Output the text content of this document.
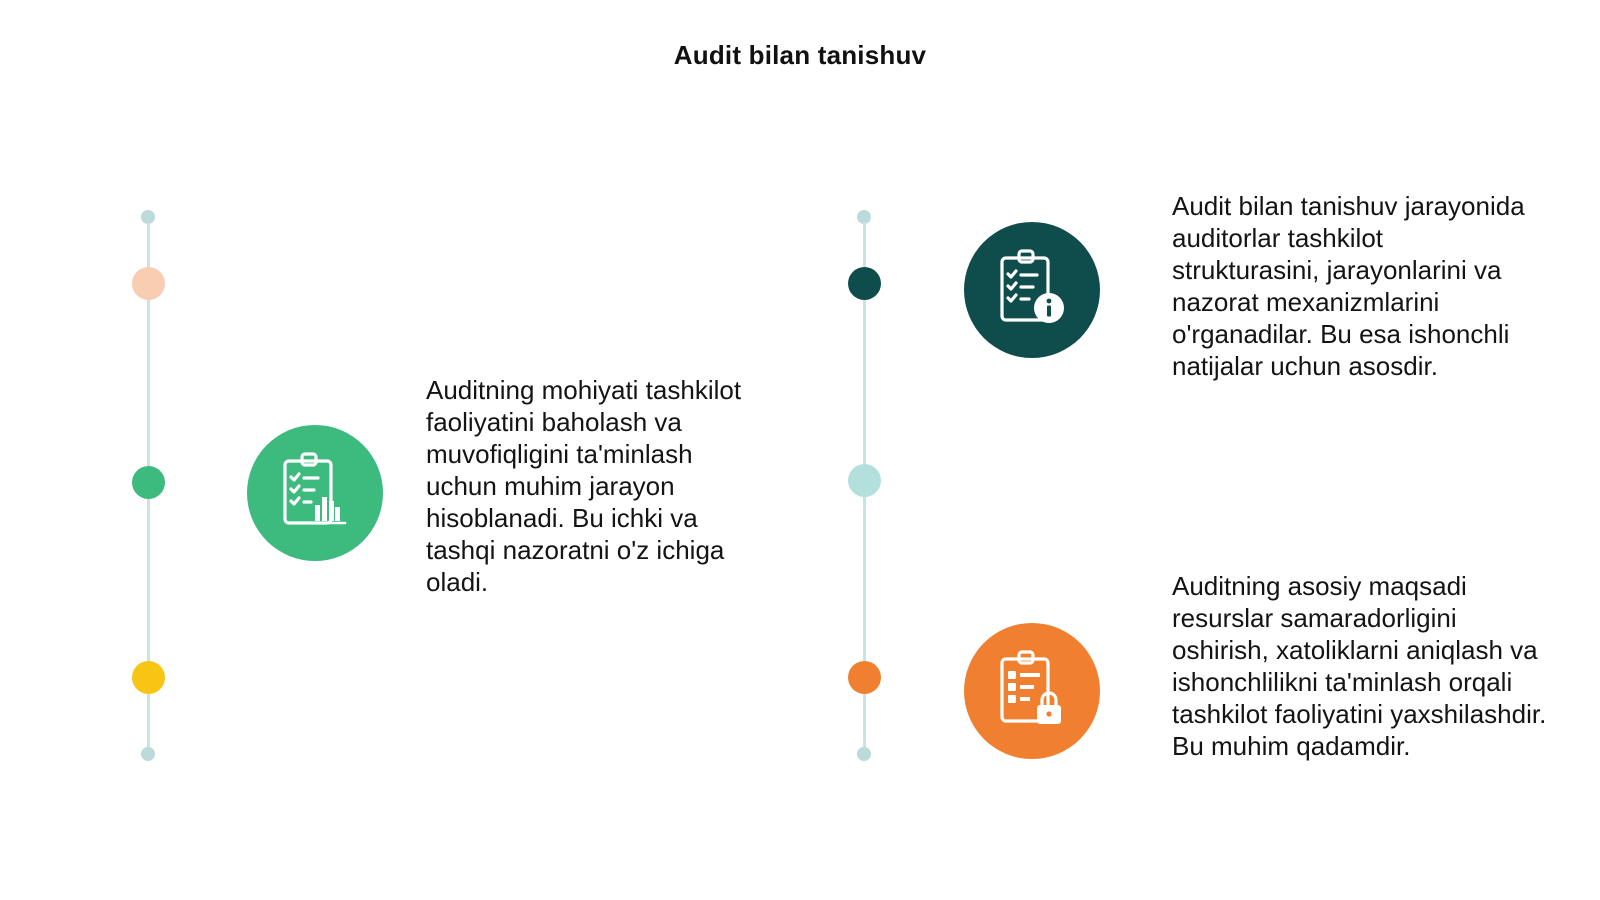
Audit bilan tanishuv
Auditning mohiyati tashkilot faoliyatini baholash va muvofiqligini ta'minlash uchun muhim jarayon hisoblanadi. Bu ichki va tashqi nazoratni o'z ichiga oladi.
Audit bilan tanishuv jarayonida auditorlar tashkilot strukturasini, jarayonlarini va nazorat mexanizmlarini o'rganadilar. Bu esa ishonchli natijalar uchun asosdir.
Auditning asosiy maqsadi resurslar samaradorligini oshirish, xatoliklarni aniqlash va ishonchlilikni ta'minlash orqali tashkilot faoliyatini yaxshilashdir. Bu muhim qadamdir.
